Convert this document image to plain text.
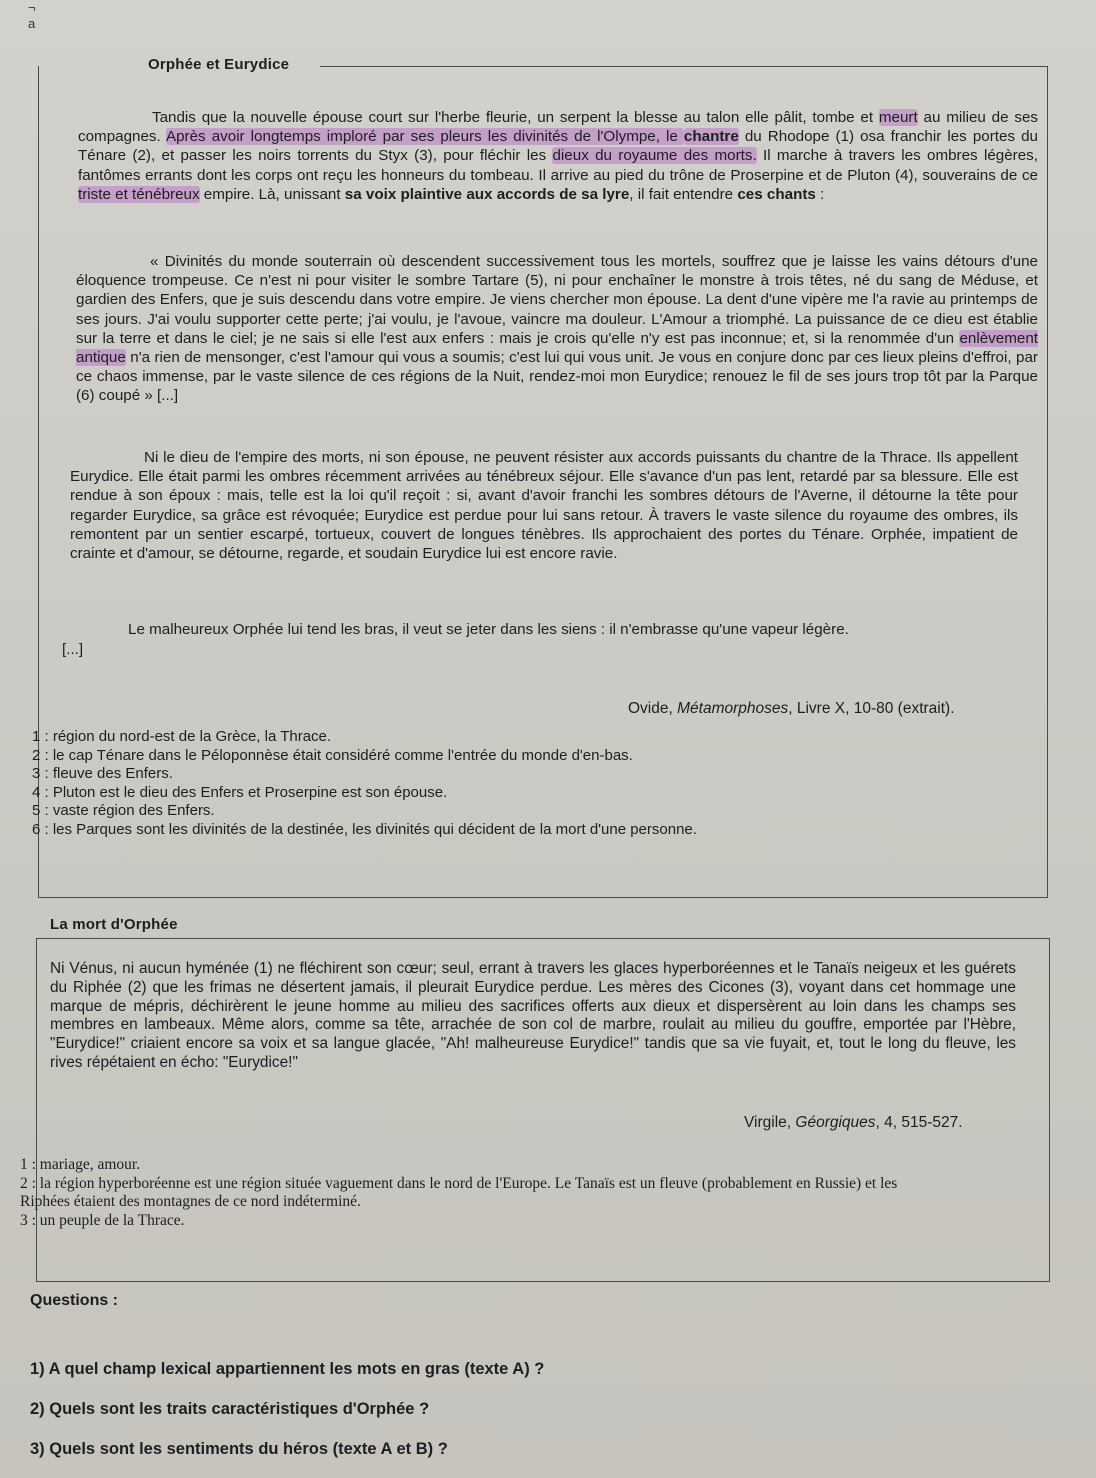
¬
a
Orphée et Eurydice

Tandis que la nouvelle épouse court sur l'herbe fleurie, un serpent la blesse au talon elle pâlit, tombe et meurt au milieu de ses compagnes. Après avoir longtemps imploré par ses pleurs les divinités de l'Olympe, le chantre du Rhodope (1) osa franchir les portes du Ténare (2), et passer les noirs torrents du Styx (3), pour fléchir les dieux du royaume des morts. Il marche à travers les ombres légères, fantômes errants dont les corps ont reçu les honneurs du tombeau. Il arrive au pied du trône de Proserpine et de Pluton (4), souverains de ce triste et ténébreux empire. Là, unissant sa voix plaintive aux accords de sa lyre, il fait entendre ces chants :

« Divinités du monde souterrain où descendent successivement tous les mortels, souffrez que je laisse les vains détours d'une éloquence trompeuse. Ce n'est ni pour visiter le sombre Tartare (5), ni pour enchaîner le monstre à trois têtes, né du sang de Méduse, et gardien des Enfers, que je suis descendu dans votre empire. Je viens chercher mon épouse. La dent d'une vipère me l'a ravie au printemps de ses jours. J'ai voulu supporter cette perte; j'ai voulu, je l'avoue, vaincre ma douleur. L'Amour a triomphé. La puissance de ce dieu est établie sur la terre et dans le ciel; je ne sais si elle l'est aux enfers : mais je crois qu'elle n'y est pas inconnue; et, si la renommée d'un enlèvement antique n'a rien de mensonger, c'est l'amour qui vous a soumis; c'est lui qui vous unit. Je vous en conjure donc par ces lieux pleins d'effroi, par ce chaos immense, par le vaste silence de ces régions de la Nuit, rendez-moi mon Eurydice; renouez le fil de ses jours trop tôt par la Parque (6) coupé » [...]

Ni le dieu de l'empire des morts, ni son épouse, ne peuvent résister aux accords puissants du chantre de la Thrace. Ils appellent Eurydice. Elle était parmi les ombres récemment arrivées au ténébreux séjour. Elle s'avance d'un pas lent, retardé par sa blessure. Elle est rendue à son époux : mais, telle est la loi qu'il reçoit : si, avant d'avoir franchi les sombres détours de l'Averne, il détourne la tête pour regarder Eurydice, sa grâce est révoquée; Eurydice est perdue pour lui sans retour. À travers le vaste silence du royaume des ombres, ils remontent par un sentier escarpé, tortueux, couvert de longues ténèbres. Ils approchaient des portes du Ténare. Orphée, impatient de crainte et d'amour, se détourne, regarde, et soudain Eurydice lui est encore ravie.

Le malheureux Orphée lui tend les bras, il veut se jeter dans les siens : il n'embrasse qu'une vapeur légère.

[...]

Ovide, Métamorphoses, Livre X, 10-80 (extrait).
1 : région du nord-est de la Grèce, la Thrace.
2 : le cap Ténare dans le Péloponnèse était considéré comme l'entrée du monde d'en-bas.
3 : fleuve des Enfers.
4 : Pluton est le dieu des Enfers et Proserpine est son épouse.
5 : vaste région des Enfers.
6 : les Parques sont les divinités de la destinée, les divinités qui décident de la mort d'une personne.
La mort d'Orphée

Ni Vénus, ni aucun hyménée (1) ne fléchirent son cœur; seul, errant à travers les glaces hyperboréennes et le Tanaïs neigeux et les guérets du Riphée (2) que les frimas ne désertent jamais, il pleurait Eurydice perdue. Les mères des Cicones (3), voyant dans cet hommage une marque de mépris, déchirèrent le jeune homme au milieu des sacrifices offerts aux dieux et dispersèrent au loin dans les champs ses membres en lambeaux. Même alors, comme sa tête, arrachée de son col de marbre, roulait au milieu du gouffre, emportée par l'Hèbre, "Eurydice!" criaient encore sa voix et sa langue glacée, "Ah! malheureuse Eurydice!" tandis que sa vie fuyait, et, tout le long du fleuve, les rives répétaient en écho: "Eurydice!"

Virgile, Géorgiques, 4, 515-527.
1 : mariage, amour.
2 : la région hyperboréenne est une région située vaguement dans le nord de l'Europe. Le Tanaïs est un fleuve (probablement en Russie) et les Riphées étaient des montagnes de ce nord indéterminé.
3 : un peuple de la Thrace.
Questions :
1) A quel champ lexical appartiennent les mots en gras (texte A) ?
2) Quels sont les traits caractéristiques d'Orphée ?
3) Quels sont les sentiments du héros (texte A et B) ?
